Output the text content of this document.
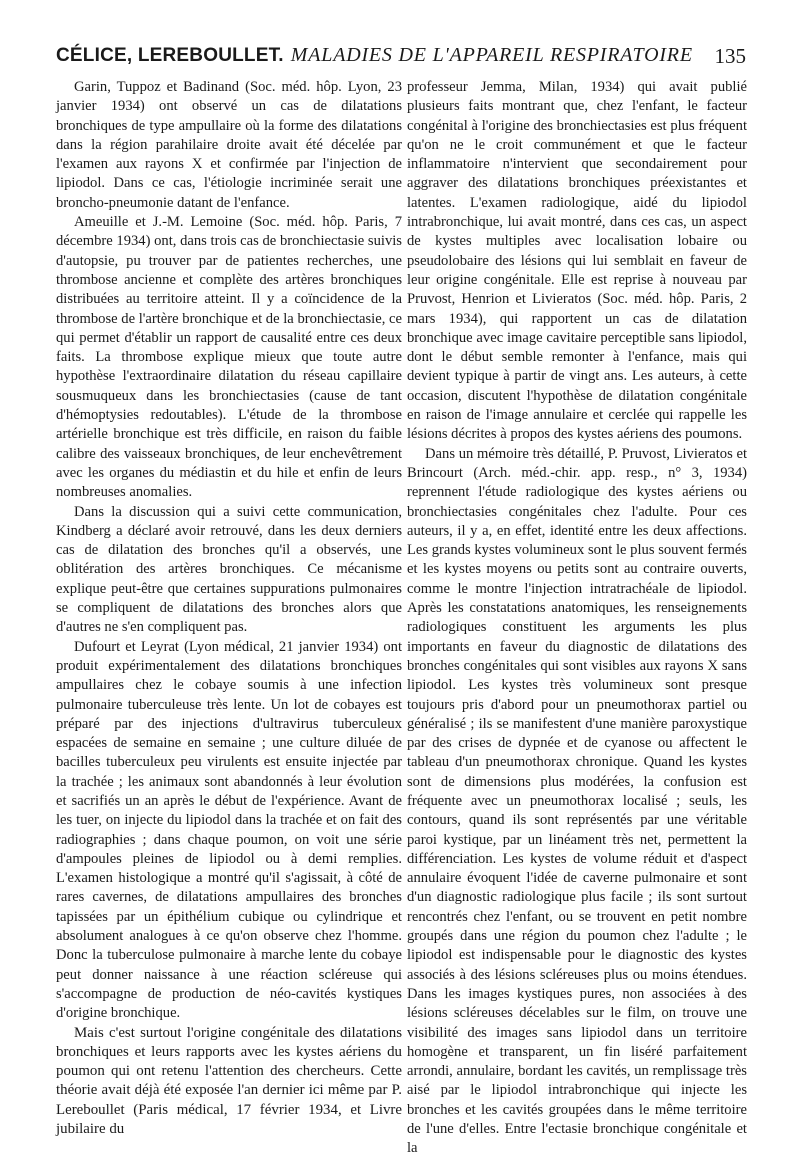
CÉLICE, LEREBOULLET. MALADIES DE L'APPAREIL RESPIRATOIRE 135

Garin, Tuppoz et Badinand (Soc. méd. hôp. Lyon, 23 janvier 1934) ont observé un cas de dilatations bronchiques de type ampullaire où la forme des dilatations dans la région parahilaire droite avait été décelée par l'examen aux rayons X et confirmée par l'injection de lipiodol. Dans ce cas, l'étiologie incriminée serait une broncho-pneumonie datant de l'enfance.

Ameuille et J.-M. Lemoine (Soc. méd. hôp. Paris, 7 décembre 1934) ont, dans trois cas de bronchiectasie suivis d'autopsie, pu trouver par de patientes recherches, une thrombose ancienne et complète des artères bronchiques distribuées au territoire atteint. Il y a coïncidence de la thrombose de l'artère bronchique et de la bronchiectasie, ce qui permet d'établir un rapport de causalité entre ces deux faits. La thrombose explique mieux que toute autre hypothèse l'extraordinaire dilatation du réseau capillaire sousmuqueux dans les bronchiectasies (cause de tant d'hémoptysies redoutables). L'étude de la thrombose artérielle bronchique est très difficile, en raison du faible calibre des vaisseaux bronchiques, de leur enchevêtrement avec les organes du médiastin et du hile et enfin de leurs nombreuses anomalies.

Dans la discussion qui a suivi cette communication, Kindberg a déclaré avoir retrouvé, dans les deux derniers cas de dilatation des bronches qu'il a observés, une oblitération des artères bronchiques. Ce mécanisme explique peut-être que certaines suppurations pulmonaires se compliquent de dilatations des bronches alors que d'autres ne s'en compliquent pas.

Dufourt et Leyrat (Lyon médical, 21 janvier 1934) ont produit expérimentalement des dilatations bronchiques ampullaires chez le cobaye soumis à une infection pulmonaire tuberculeuse très lente. Un lot de cobayes est préparé par des injections d'ultravirus tuberculeux espacées de semaine en semaine ; une culture diluée de bacilles tuberculeux peu virulents est ensuite injectée par la trachée ; les animaux sont abandonnés à leur évolution et sacrifiés un an après le début de l'expérience. Avant de les tuer, on injecte du lipiodol dans la trachée et on fait des radiographies ; dans chaque poumon, on voit une série d'ampoules pleines de lipiodol ou à demi remplies. L'examen histologique a montré qu'il s'agissait, à côté de rares cavernes, de dilatations ampullaires des bronches tapissées par un épithélium cubique ou cylindrique et absolument analogues à ce qu'on observe chez l'homme. Donc la tuberculose pulmonaire à marche lente du cobaye peut donner naissance à une réaction scléreuse qui s'accompagne de production de néo-cavités kystiques d'origine bronchique.

Mais c'est surtout l'origine congénitale des dilatations bronchiques et leurs rapports avec les kystes aériens du poumon qui ont retenu l'attention des chercheurs. Cette théorie avait déjà été exposée l'an dernier ici même par P. Lereboullet (Paris médical, 17 février 1934, et Livre jubilaire du

professeur Jemma, Milan, 1934) qui avait publié plusieurs faits montrant que, chez l'enfant, le facteur congénital à l'origine des bronchiectasies est plus fréquent qu'on ne le croit communément et que le facteur inflammatoire n'intervient que secondairement pour aggraver des dilatations bronchiques préexistantes et latentes. L'examen radiologique, aidé du lipiodol intrabronchique, lui avait montré, dans ces cas, un aspect de kystes multiples avec localisation lobaire ou pseudolobaire des lésions qui lui semblait en faveur de leur origine congénitale. Elle est reprise à nouveau par Pruvost, Henrion et Livieratos (Soc. méd. hôp. Paris, 2 mars 1934), qui rapportent un cas de dilatation bronchique avec image cavitaire perceptible sans lipiodol, dont le début semble remonter à l'enfance, mais qui devient typique à partir de vingt ans. Les auteurs, à cette occasion, discutent l'hypothèse de dilatation congénitale en raison de l'image annulaire et cerclée qui rappelle les lésions décrites à propos des kystes aériens des poumons.

Dans un mémoire très détaillé, P. Pruvost, Livieratos et Brincourt (Arch. méd.-chir. app. resp., n° 3, 1934) reprennent l'étude radiologique des kystes aériens ou bronchiectasies congénitales chez l'adulte. Pour ces auteurs, il y a, en effet, identité entre les deux affections. Les grands kystes volumineux sont le plus souvent fermés et les kystes moyens ou petits sont au contraire ouverts, comme le montre l'injection intratrachéale de lipiodol. Après les constatations anatomiques, les renseignements radiologiques constituent les arguments les plus importants en faveur du diagnostic de dilatations des bronches congénitales qui sont visibles aux rayons X sans lipiodol. Les kystes très volumineux sont presque toujours pris d'abord pour un pneumothorax partiel ou généralisé ; ils se manifestent d'une manière paroxystique par des crises de dypnée et de cyanose ou affectent le tableau d'un pneumothorax chronique. Quand les kystes sont de dimensions plus modérées, la confusion est fréquente avec un pneumothorax localisé ; seuls, les contours, quand ils sont représentés par une véritable paroi kystique, par un linéament très net, permettent la différenciation. Les kystes de volume réduit et d'aspect annulaire évoquent l'idée de caverne pulmonaire et sont d'un diagnostic radiologique plus facile ; ils sont surtout rencontrés chez l'enfant, ou se trouvent en petit nombre groupés dans une région du poumon chez l'adulte ; le lipiodol est indispensable pour le diagnostic des kystes associés à des lésions scléreuses plus ou moins étendues. Dans les images kystiques pures, non associées à des lésions scléreuses décelables sur le film, on trouve une visibilité des images sans lipiodol dans un territoire homogène et transparent, un fin liséré parfaitement arrondi, annulaire, bordant les cavités, un remplissage très aisé par le lipiodol intrabronchique qui injecte les bronches et les cavités groupées dans le même territoire de l'une d'elles. Entre l'ectasie bronchique congénitale et la
